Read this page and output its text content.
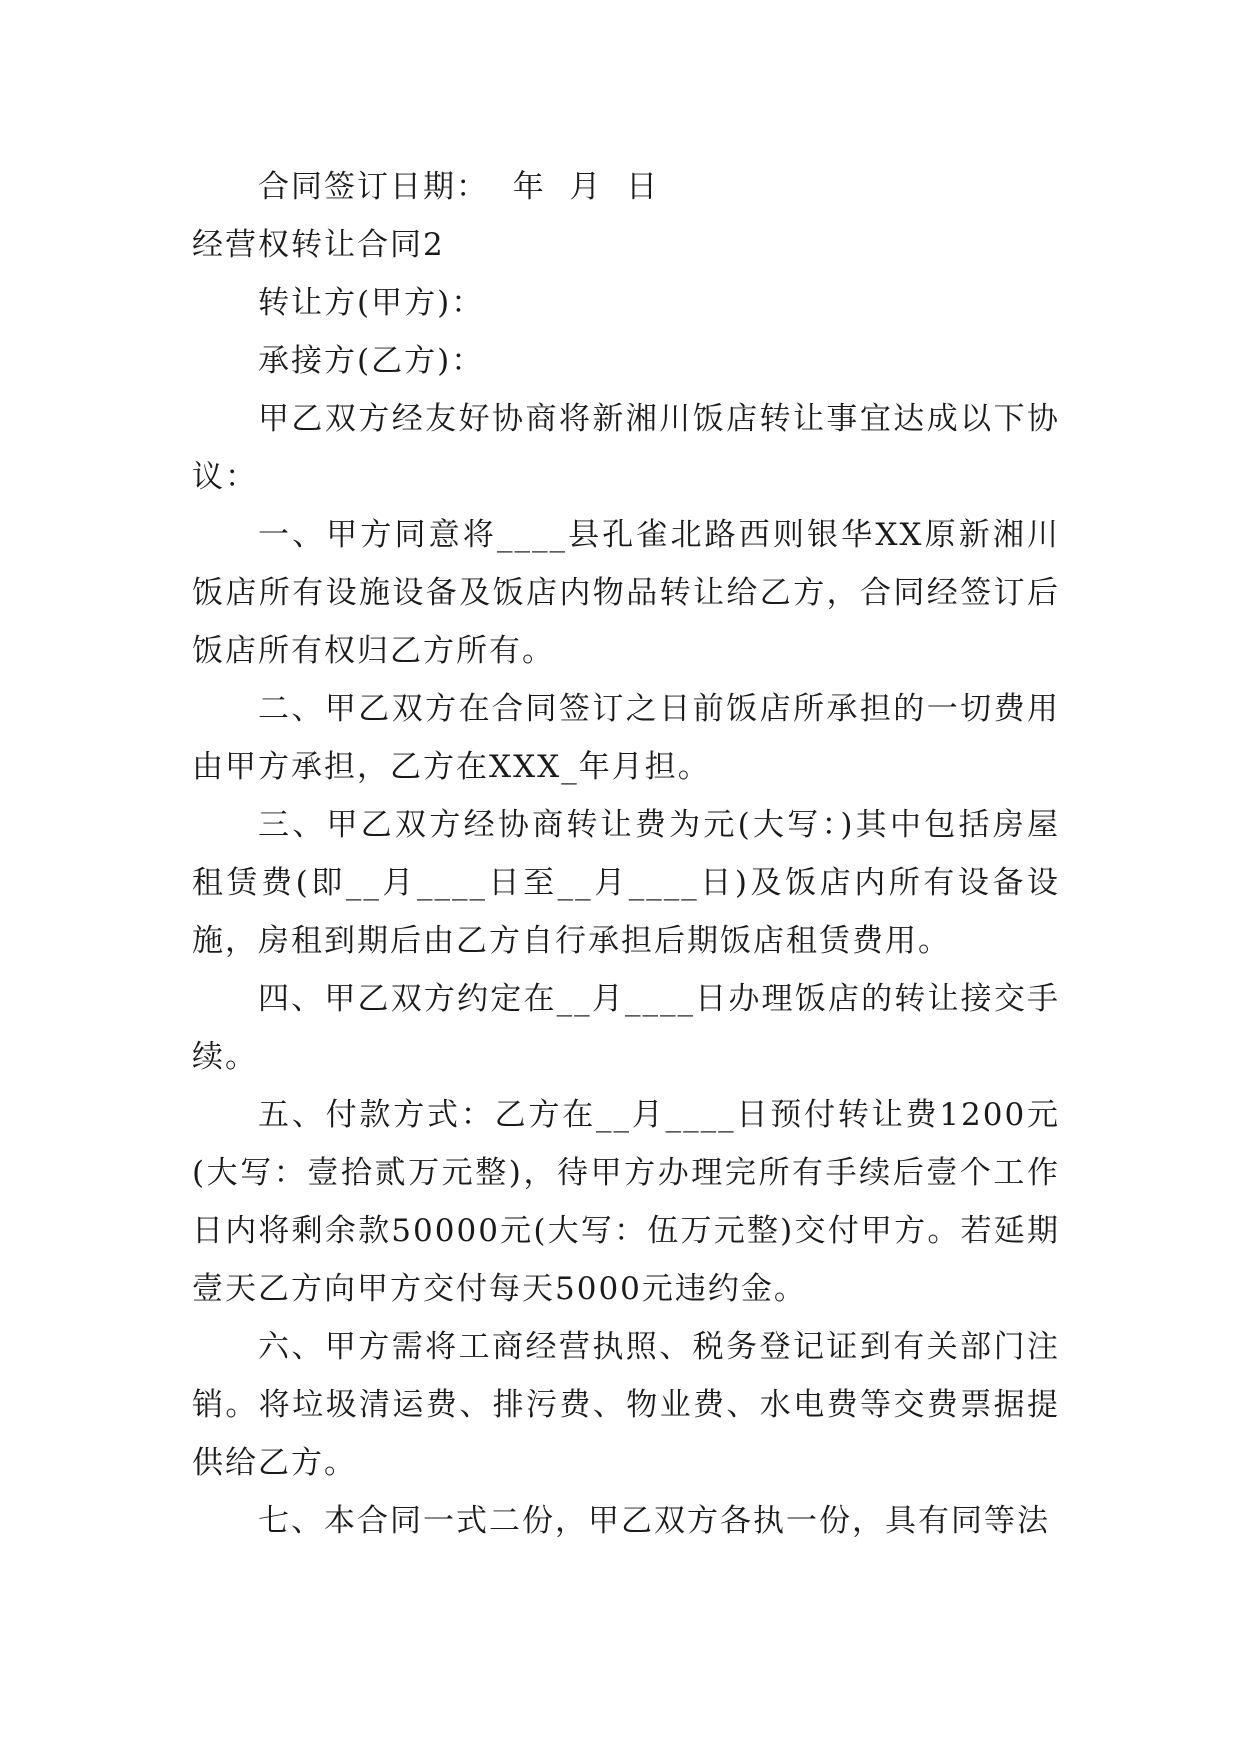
合同签订日期：  年  月  日

经营权转让合同2

转让方(甲方)：

承接方(乙方)：

甲乙双方经友好协商将新湘川饭店转让事宜达成以下协议：

一、甲方同意将____县孔雀北路西则银华XX原新湘川饭店所有设施设备及饭店内物品转让给乙方，合同经签订后饭店所有权归乙方所有。

二、甲乙双方在合同签订之日前饭店所承担的一切费用由甲方承担，乙方在XXX_年月担。

三、甲乙双方经协商转让费为元(大写：)其中包括房屋租赁费(即__月____日至__月____日)及饭店内所有设备设施，房租到期后由乙方自行承担后期饭店租赁费用。

四、甲乙双方约定在__月____日办理饭店的转让接交手续。

五、付款方式：乙方在__月____日预付转让费1200元(大写：壹拾贰万元整)，待甲方办理完所有手续后壹个工作日内将剩余款50000元(大写：伍万元整)交付甲方。若延期壹天乙方向甲方交付每天5000元违约金。

六、甲方需将工商经营执照、税务登记证到有关部门注销。将垃圾清运费、排污费、物业费、水电费等交费票据提供给乙方。

七、本合同一式二份，甲乙双方各执一份，具有同等法
